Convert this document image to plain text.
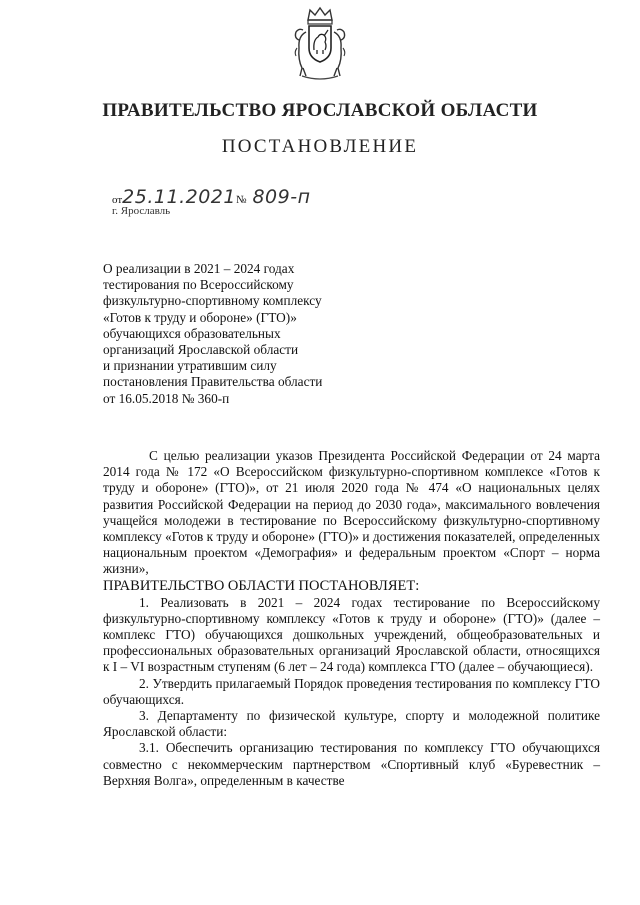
ПРАВИТЕЛЬСТВО ЯРОСЛАВСКОЙ ОБЛАСТИ
ПОСТАНОВЛЕНИЕ
от25.11.2021№ 809-п
г. Ярославль
О реализации в 2021 – 2024 годах
тестирования по Всероссийскому
физкультурно-спортивному комплексу
«Готов к труду и обороне» (ГТО)»
обучающихся образовательных
организаций Ярославской области
и признании утратившим силу
постановления Правительства области
от 16.05.2018 № 360-п

С целью реализации указов Президента Российской Федерации от 24 марта 2014 года № 172 «О Всероссийском физкультурно-спортивном комплексе «Готов к труду и обороне» (ГТО)», от 21 июля 2020 года № 474 «О национальных целях развития Российской Федерации на период до 2030 года», максимального вовлечения учащейся молодежи в тестирование по Всероссийскому физкультурно-спортивному комплексу «Готов к труду и обороне» (ГТО)» и достижения показателей, определенных национальным проектом «Демография» и федеральным проектом «Спорт – норма жизни»,

ПРАВИТЕЛЬСТВО ОБЛАСТИ ПОСТАНОВЛЯЕТ:

1. Реализовать в 2021 – 2024 годах тестирование по Всероссийскому физкультурно-спортивному комплексу «Готов к труду и обороне» (ГТО)» (далее – комплекс ГТО) обучающихся дошкольных учреждений, общеобразовательных и профессиональных образовательных организаций Ярославской области, относящихся к I – VI возрастным ступеням (6 лет – 24 года) комплекса ГТО (далее – обучающиеся).

2. Утвердить прилагаемый Порядок проведения тестирования по комплексу ГТО обучающихся.

3. Департаменту по физической культуре, спорту и молодежной политике Ярославской области:

3.1. Обеспечить организацию тестирования по комплексу ГТО обучающихся совместно с некоммерческим партнерством «Спортивный клуб «Буревестник – Верхняя Волга», определенным в качестве
